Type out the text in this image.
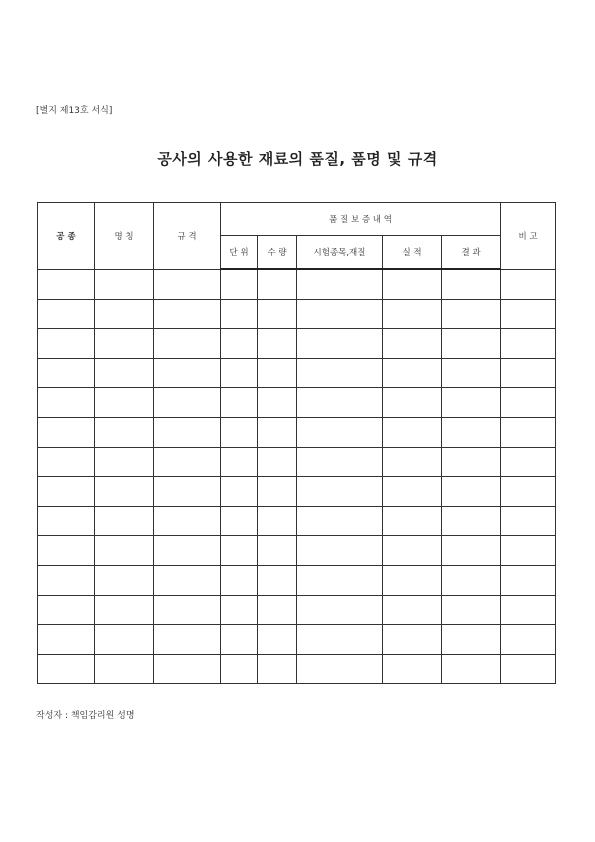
[별지 제13호 서식]
공사의 사용한 재료의 품질, 품명 및 규격
공 종	명 칭	규 격	품 질 보 증 내 역					비 고
			단 위	수 량	시험종목,재질	실 적	결 과	

작성자 : 책임감리원 성명
